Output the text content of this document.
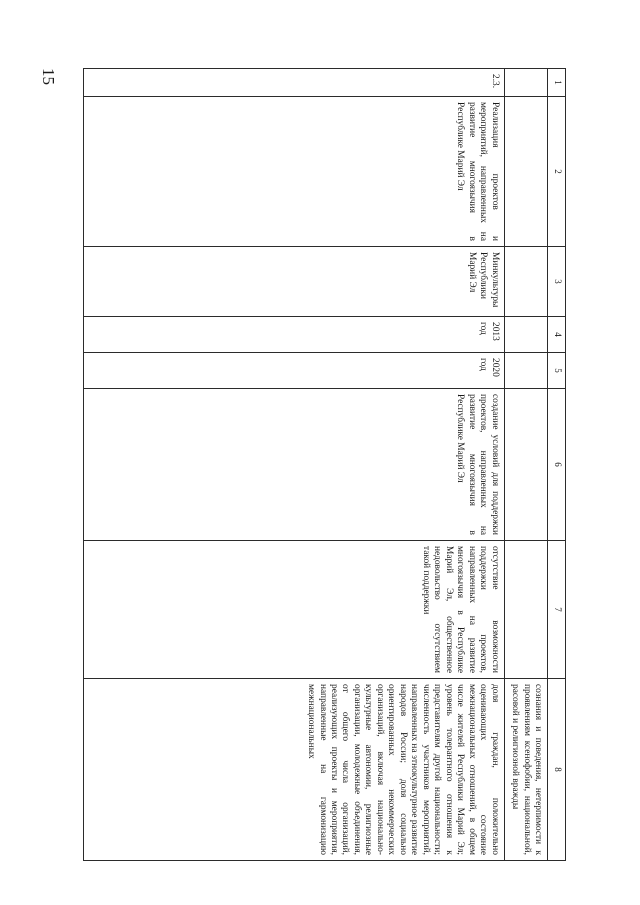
15	1	2	3	4	5	6	7	8
							сознания и поведения, нетерпимости к проявлениям ксенофобии, национальной, расовой и религиозной вражды
2.3.	Реализация проектов и мероприятий, направленных на развитие многоязычия в Республике Марий Эл	Минкультуры Республики Марий Эл	2013 год	2020 год	создание условий для поддержки проектов, направленных на развитие многоязычия в Республике Марий Эл	отсутствие возможности поддержки проектов, направленных на развитие многоязычия в Республике Марий Эл, общественное недовольство отсутствием такой поддержки	доля граждан, положительно оценивающих состояние межнациональных отношений, в общем числе жителей Республики Марий Эл; уровень толерантного отношения к представителям другой национальности; численность участников мероприятий, направленных на этнокультурное развитие народов России; доля социально ориентированных некоммерческих организаций, включая национально-культурные автономии, религиозные организации, молодежные объединения, от общего числа организаций, реализующих проекты и мероприятия, направленные на гармонизацию межнациональных
